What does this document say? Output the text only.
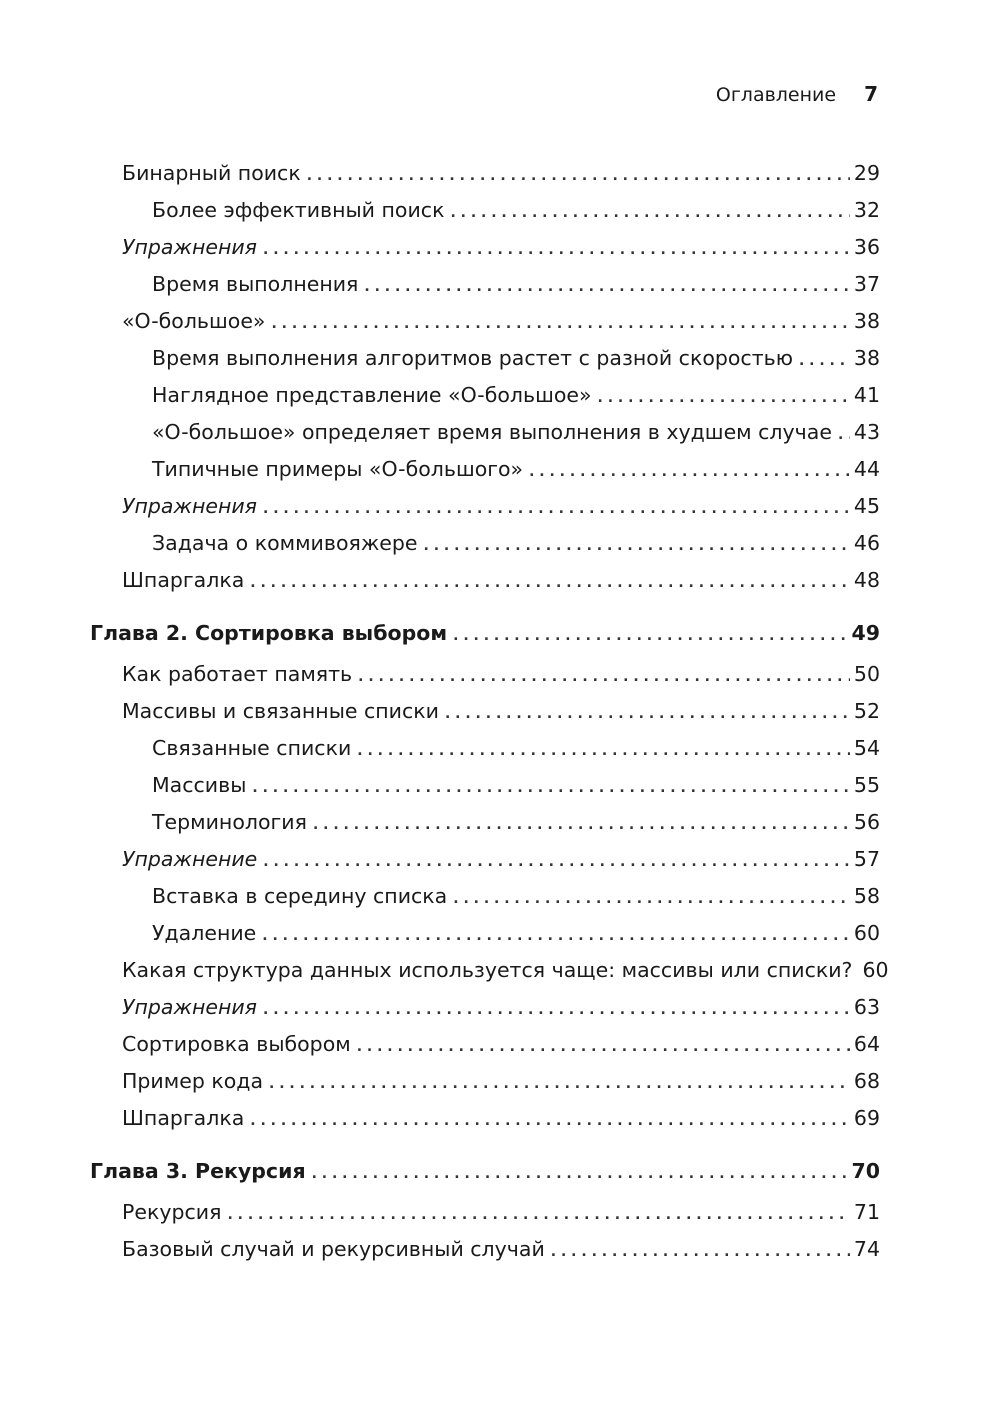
Оглавление 7
Бинарный поиск . . .	29
Более эффективный поиск . . .	32
Упражнения . . .	36
Время выполнения . . .	37
«O-большое» . . .	38
Время выполнения алгоритмов растет с разной скоростью . . .	38
Наглядное представление «O-большое» . . .	41
«O-большое» определяет время выполнения в худшем случае . . . 43
Типичные примеры «O-большого» . . .	44
Упражнения . . .	45
Задача о коммивояжере . . .	46
Шпаргалка . . .	48
Глава 2. Сортировка выбором . . .	49
Как работает память . . .	50
Массивы и связанные списки . . .	52
Связанные списки . . .	54
Массивы . . .	55
Терминология . . .	56
Упражнение . . .	57
Вставка в середину списка . . .	58
Удаление . . .	60
Какая структура данных используется чаще: массивы или списки? 60
Упражнения . . .	63
Сортировка выбором . . .	64
Пример кода . . .	68
Шпаргалка . . .	69
Глава 3. Рекурсия . . .	70
Рекурсия . . .	71
Базовый случай и рекурсивный случай . . .	74
